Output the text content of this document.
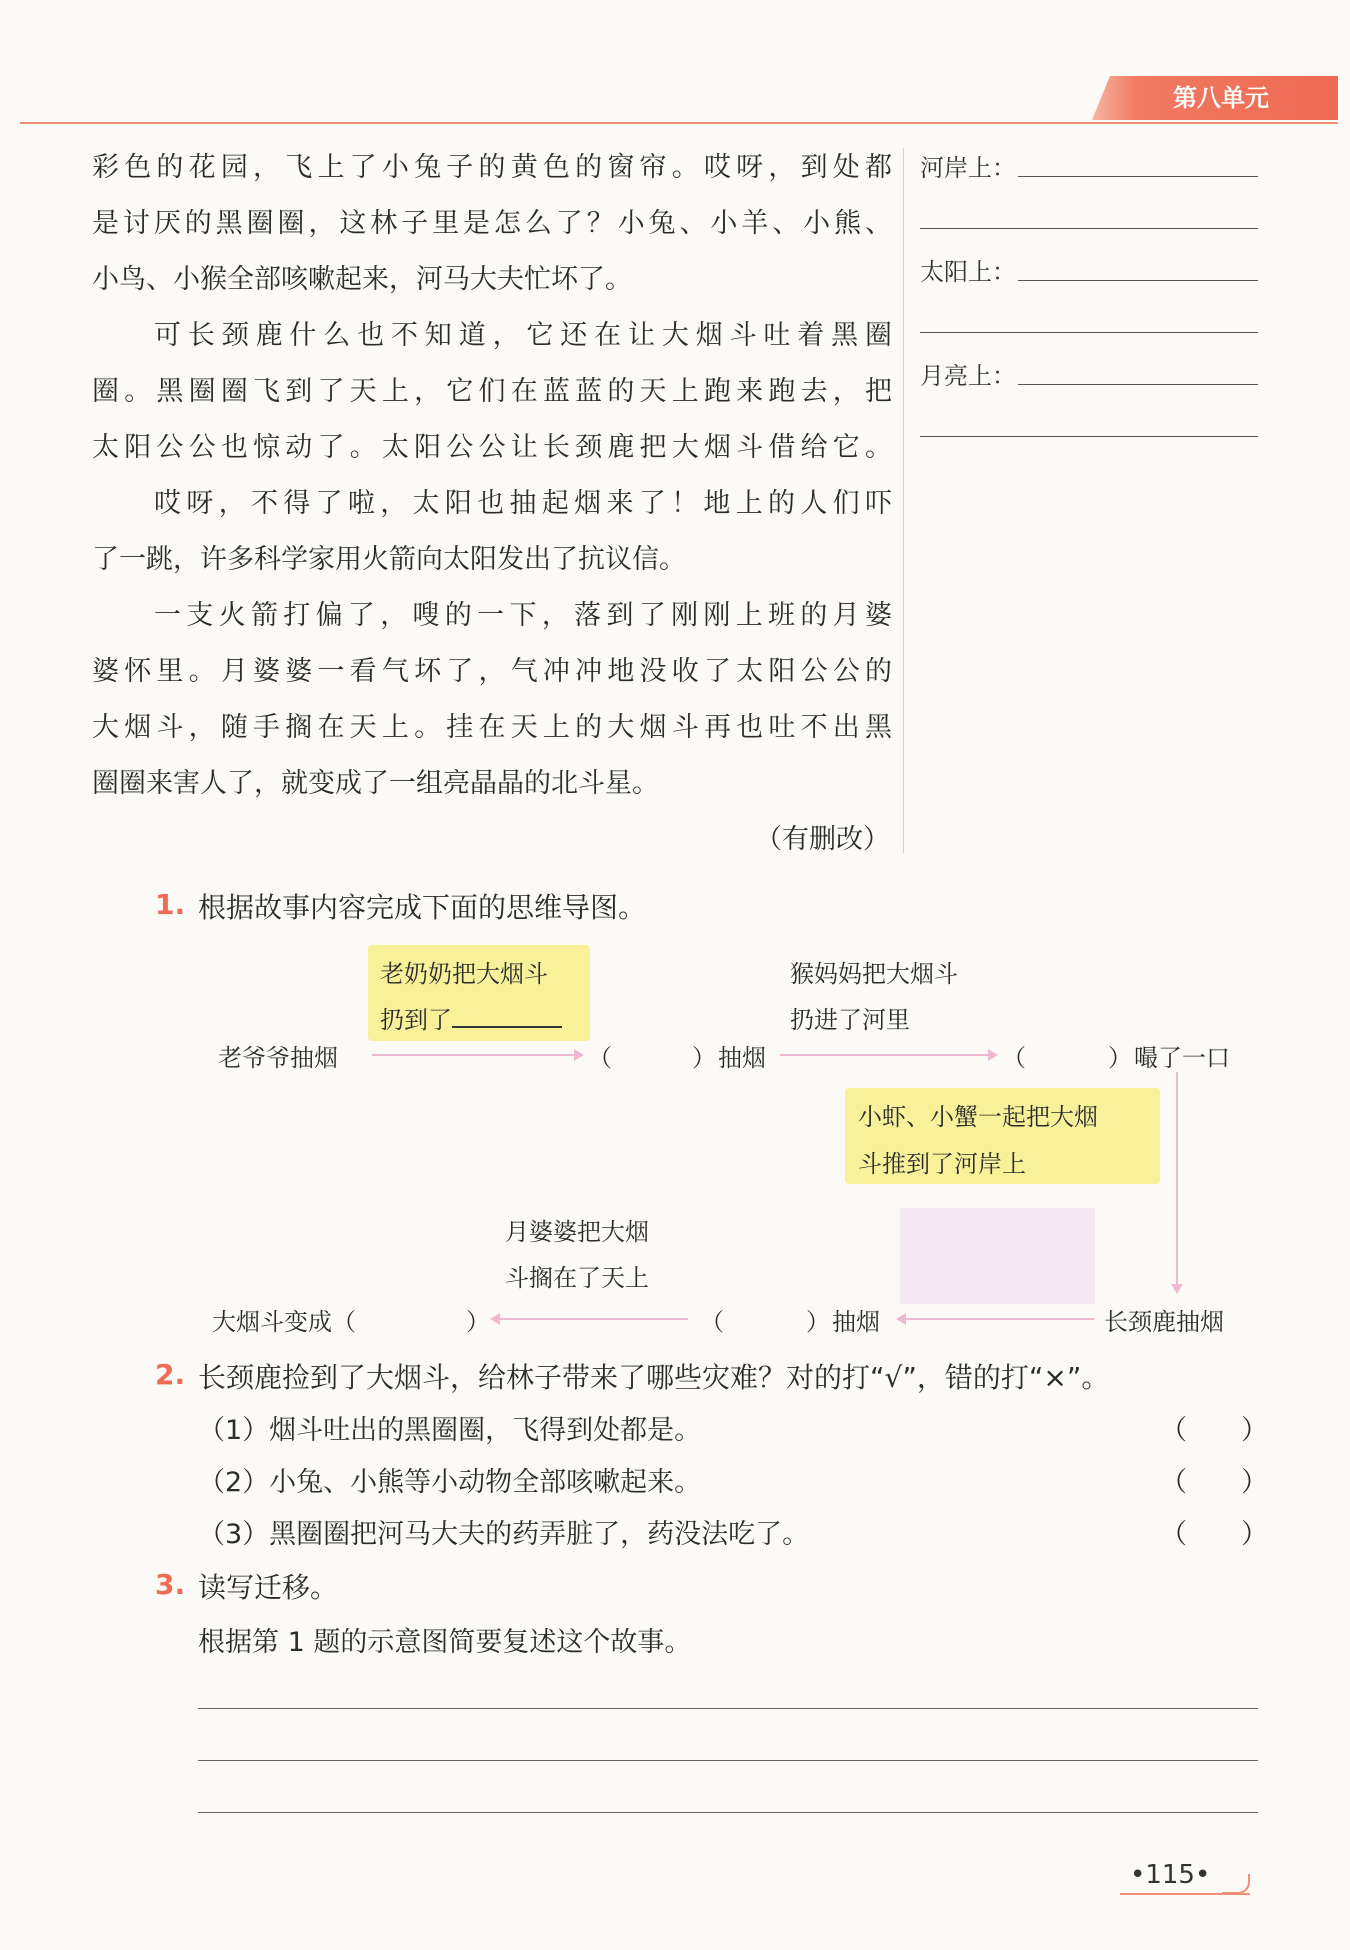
第八单元
彩色的花园，飞上了小兔子的黄色的窗帘。哎呀，到处都
是讨厌的黑圈圈，这林子里是怎么了？小兔、小羊、小熊、
小鸟、小猴全部咳嗽起来，河马大夫忙坏了。
可长颈鹿什么也不知道，它还在让大烟斗吐着黑圈
圈。黑圈圈飞到了天上，它们在蓝蓝的天上跑来跑去，把
太阳公公也惊动了。太阳公公让长颈鹿把大烟斗借给它。
哎呀，不得了啦，太阳也抽起烟来了！地上的人们吓
了一跳，许多科学家用火箭向太阳发出了抗议信。
一支火箭打偏了，嗖的一下，落到了刚刚上班的月婆
婆怀里。月婆婆一看气坏了，气冲冲地没收了太阳公公的
大烟斗，随手搁在天上。挂在天上的大烟斗再也吐不出黑
圈圈来害人了，就变成了一组亮晶晶的北斗星。
（有删改）
河岸上：
太阳上：
月亮上：
1. 根据故事内容完成下面的思维导图。
老奶奶把大烟斗
扔到了
老爷爷抽烟	（	） 抽烟
猴妈妈把大烟斗
扔进了河里
（	） 嘬了一口
小虾、小蟹一起把大烟
斗推到了河岸上
月婆婆把大烟
斗搁在了天上
大烟斗变成（	）	（	） 抽烟	长颈鹿抽烟
2. 长颈鹿捡到了大烟斗，给林子带来了哪些灾难？对的打“√”，错的打“×”。
（1）烟斗吐出的黑圈圈，飞得到处都是。	（　　）
（2）小兔、小熊等小动物全部咳嗽起来。	（　　）
（3）黑圈圈把河马大夫的药弄脏了，药没法吃了。	（　　）
3. 读写迁移。
根据第 1 题的示意图简要复述这个故事。
•115•
